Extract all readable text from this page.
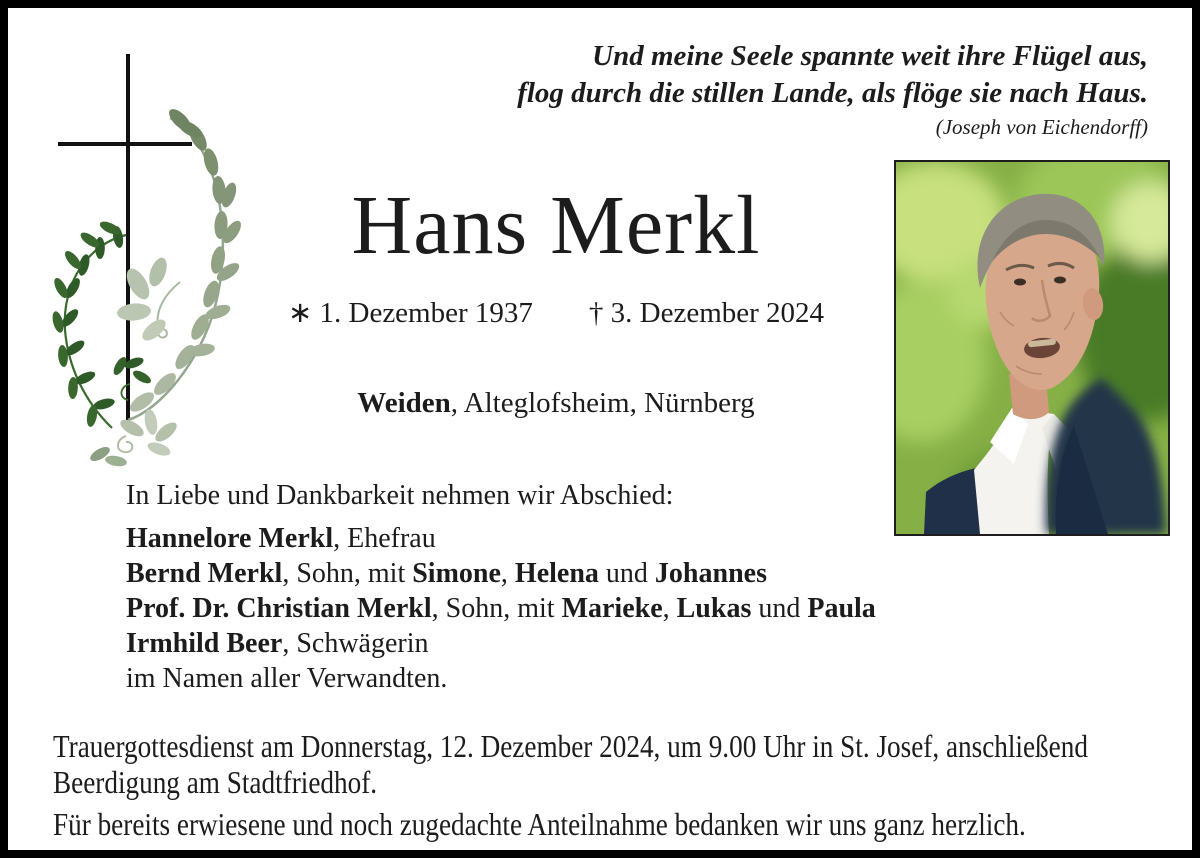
Und meine Seele spannte weit ihre Flügel aus,
flog durch die stillen Lande, als flöge sie nach Haus.
(Joseph von Eichendorff)
Hans Merkl
∗ 1. Dezember 1937 † 3. Dezember 2024
Weiden, Alteglofsheim, Nürnberg
In Liebe und Dankbarkeit nehmen wir Abschied:
Hannelore Merkl, Ehefrau
Bernd Merkl, Sohn, mit Simone, Helena und Johannes
Prof. Dr. Christian Merkl, Sohn, mit Marieke, Lukas und Paula
Irmhild Beer, Schwägerin
im Namen aller Verwandten.
Trauergottesdienst am Donnerstag, 12. Dezember 2024, um 9.00 Uhr in St. Josef, anschließend
Beerdigung am Stadtfriedhof.
Für bereits erwiesene und noch zugedachte Anteilnahme bedanken wir uns ganz herzlich.
